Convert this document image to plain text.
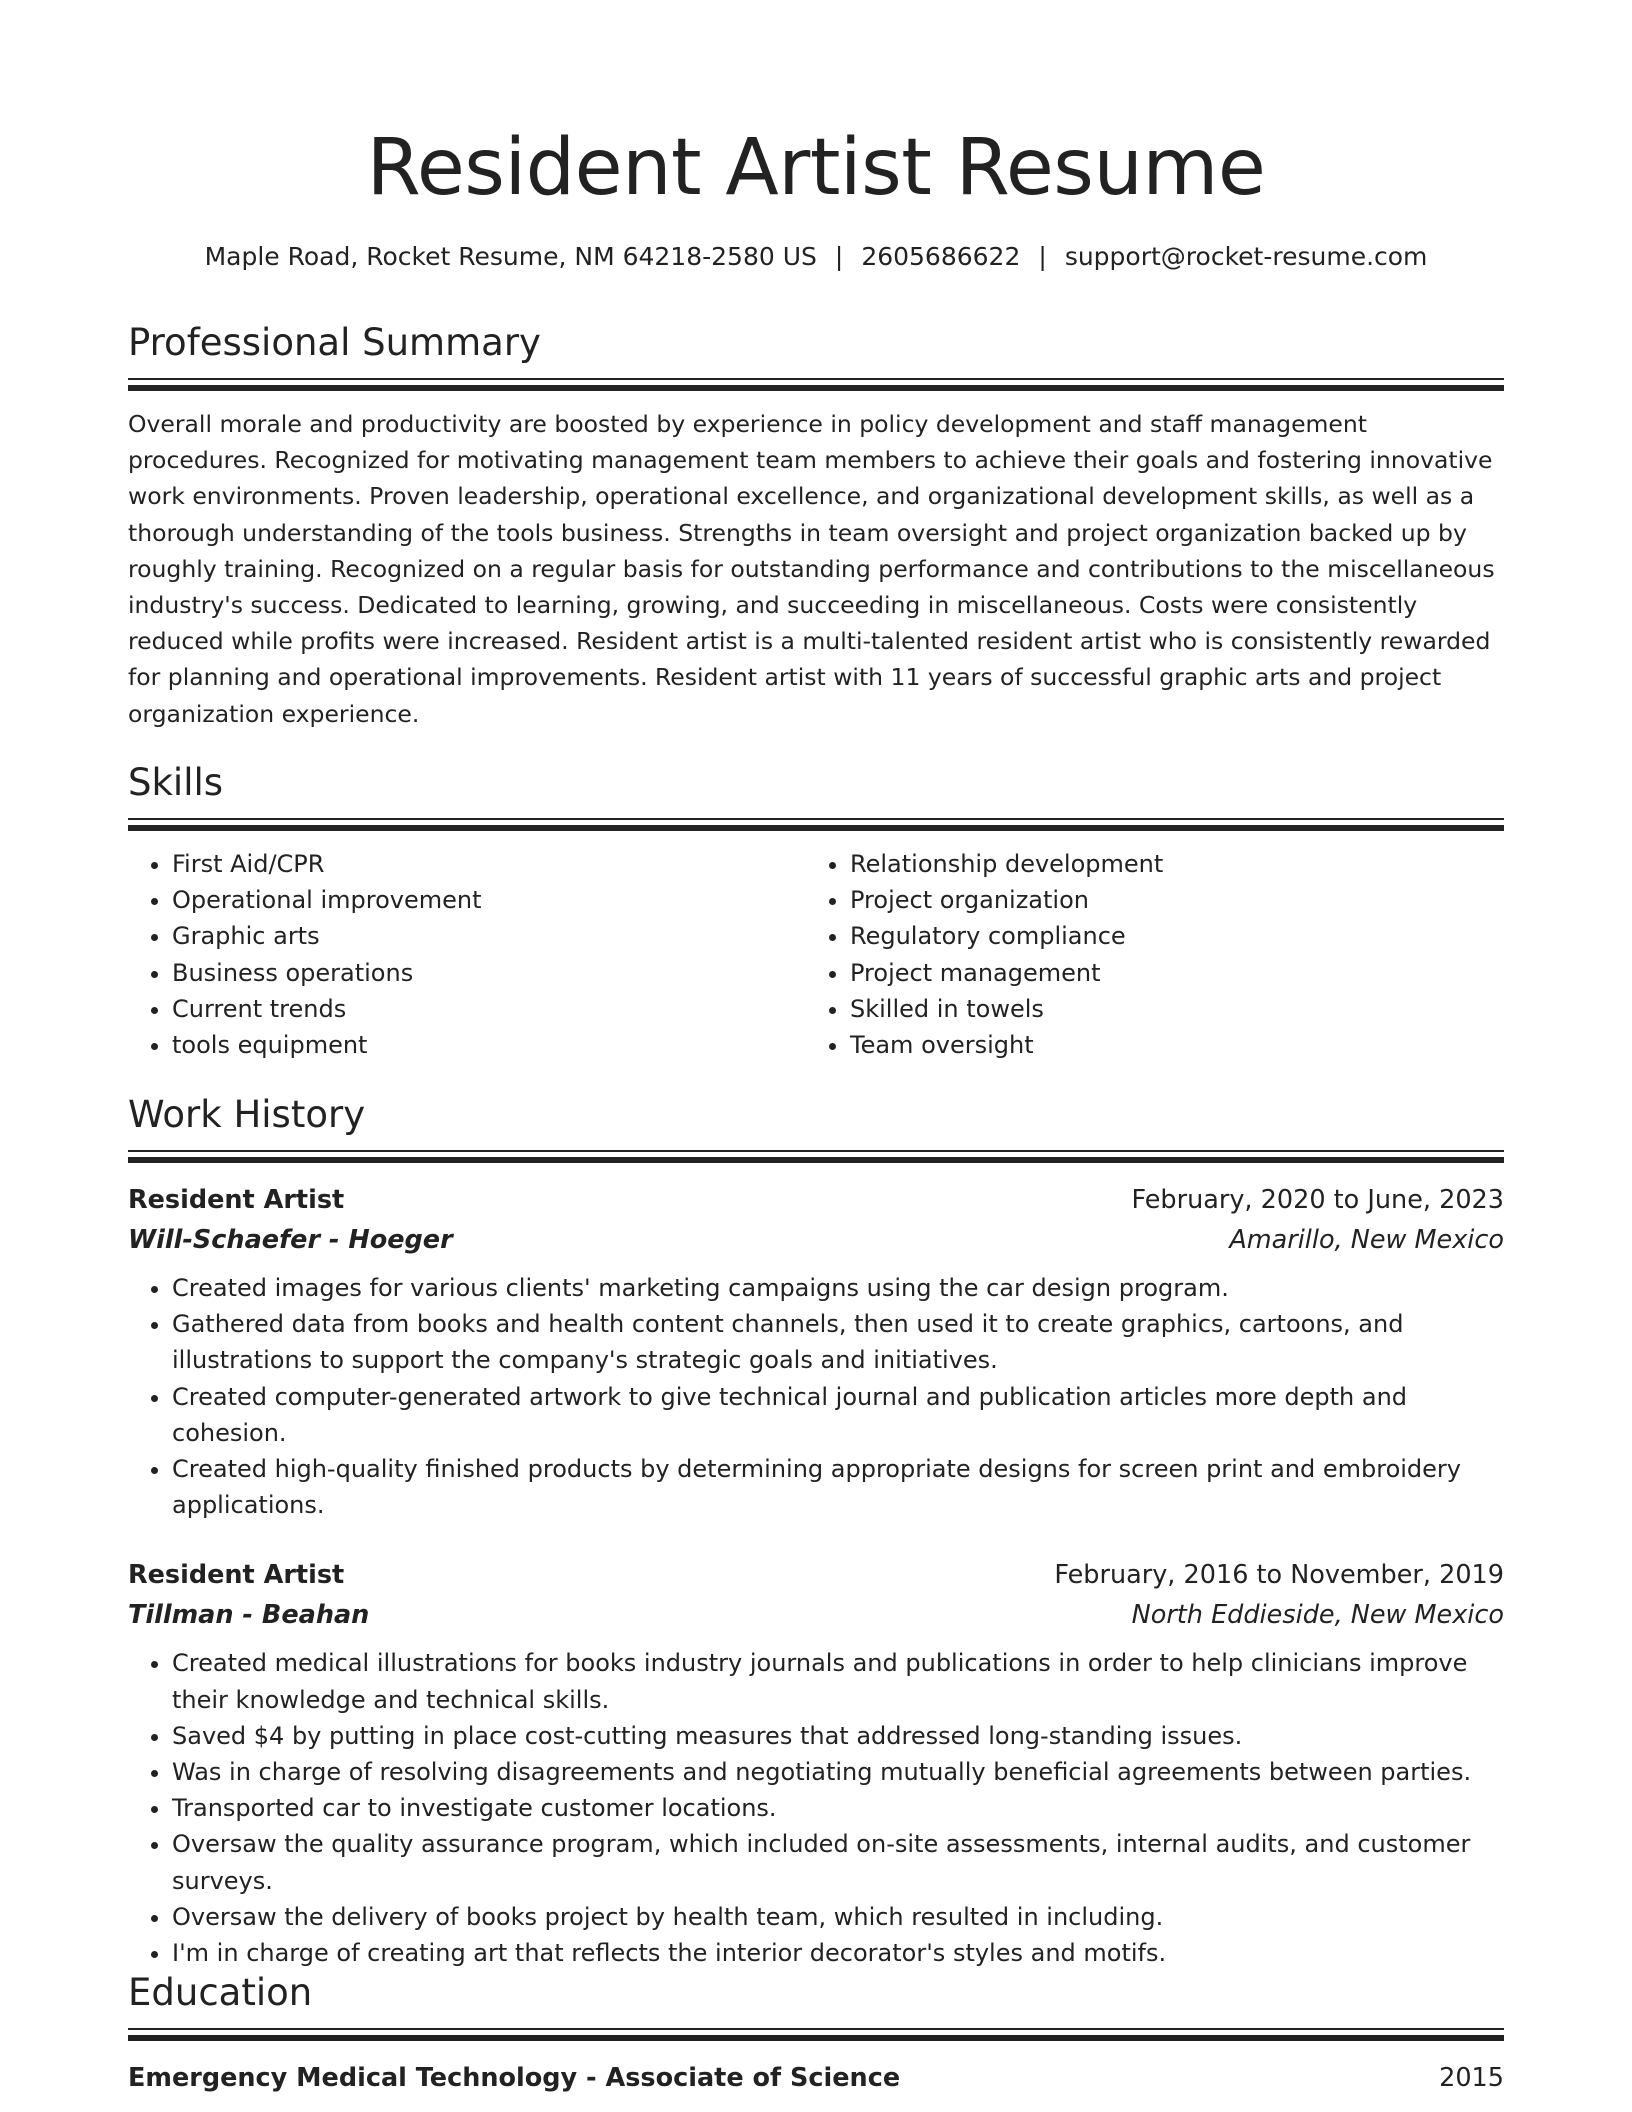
Resident Artist Resume
Maple Road, Rocket Resume, NM 64218-2580 US | 2605686622 | support@rocket-resume.com
Professional Summary

Overall morale and productivity are boosted by experience in policy development and staff management procedures. Recognized for motivating management team members to achieve their goals and fostering innovative work environments. Proven leadership, operational excellence, and organizational development skills, as well as a thorough understanding of the tools business. Strengths in team oversight and project organization backed up by roughly training. Recognized on a regular basis for outstanding performance and contributions to the miscellaneous industry's success. Dedicated to learning, growing, and succeeding in miscellaneous. Costs were consistently reduced while profits were increased. Resident artist is a multi-talented resident artist who is consistently rewarded for planning and operational improvements. Resident artist with 11 years of successful graphic arts and project organization experience.

Skills
• First Aid/CPR
• Operational improvement
• Graphic arts
• Business operations
• Current trends
• tools equipment
• Relationship development
• Project organization
• Regulatory compliance
• Project management
• Skilled in towels
• Team oversight
Work History
Resident Artist	February, 2020 to June, 2023
Will-Schaefer - Hoeger	Amarillo, New Mexico
• Created images for various clients' marketing campaigns using the car design program.
• Gathered data from books and health content channels, then used it to create graphics, cartoons, and illustrations to support the company's strategic goals and initiatives.
• Created computer-generated artwork to give technical journal and publication articles more depth and cohesion.
• Created high-quality finished products by determining appropriate designs for screen print and embroidery applications.
Resident Artist	February, 2016 to November, 2019
Tillman - Beahan	North Eddieside, New Mexico
• Created medical illustrations for books industry journals and publications in order to help clinicians improve their knowledge and technical skills.
• Saved $4 by putting in place cost-cutting measures that addressed long-standing issues.
• Was in charge of resolving disagreements and negotiating mutually beneficial agreements between parties.
• Transported car to investigate customer locations.
• Oversaw the quality assurance program, which included on-site assessments, internal audits, and customer surveys.
• Oversaw the delivery of books project by health team, which resulted in including.
• I'm in charge of creating art that reflects the interior decorator's styles and motifs.
Education
Emergency Medical Technology - Associate of Science	2015
